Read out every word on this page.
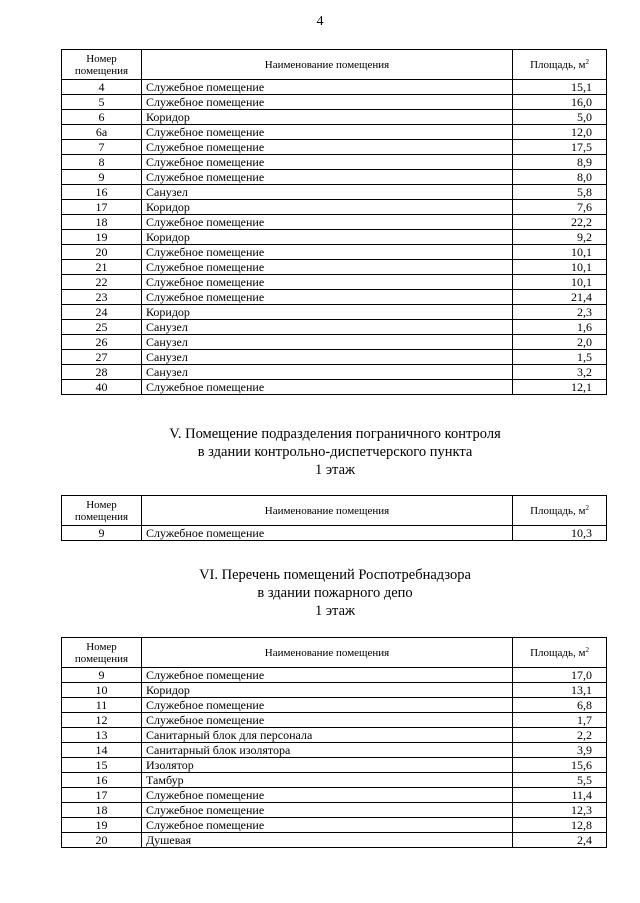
4
Номер
помещения	Наименование помещения	Площадь, $м^2$
4	Служебное помещение	15,1
5	Служебное помещение	16,0
6	Коридор	5,0
6а	Служебное помещение	12,0
7	Служебное помещение	17,5
8	Служебное помещение	8,9
9	Служебное помещение	8,0
16	Санузел	5,8
17	Коридор	7,6
18	Служебное помещение	22,2
19	Коридор	9,2
20	Служебное помещение	10,1
21	Служебное помещение	10,1
22	Служебное помещение	10,1
23	Служебное помещение	21,4
24	Коридор	2,3
25	Санузел	1,6
26	Санузел	2,0
27	Санузел	1,5
28	Санузел	3,2
40	Служебное помещение	12,1
V. Помещение подразделения пограничного контроля
в здании контрольно-диспетчерского пункта
1 этаж
Номер
помещения	Наименование помещения	Площадь, $м^2$
9	Служебное помещение	10,3
VI. Перечень помещений Роспотребнадзора
в здании пожарного депо
1 этаж
Номер
помещения	Наименование помещения	Площадь, $м^2$
9	Служебное помещение	17,0
10	Коридор	13,1
11	Служебное помещение	6,8
12	Служебное помещение	1,7
13	Санитарный блок для персонала	2,2
14	Санитарный блок изолятора	3,9
15	Изолятор	15,6
16	Тамбур	5,5
17	Служебное помещение	11,4
18	Служебное помещение	12,3
19	Служебное помещение	12,8
20	Душевая	2,4
